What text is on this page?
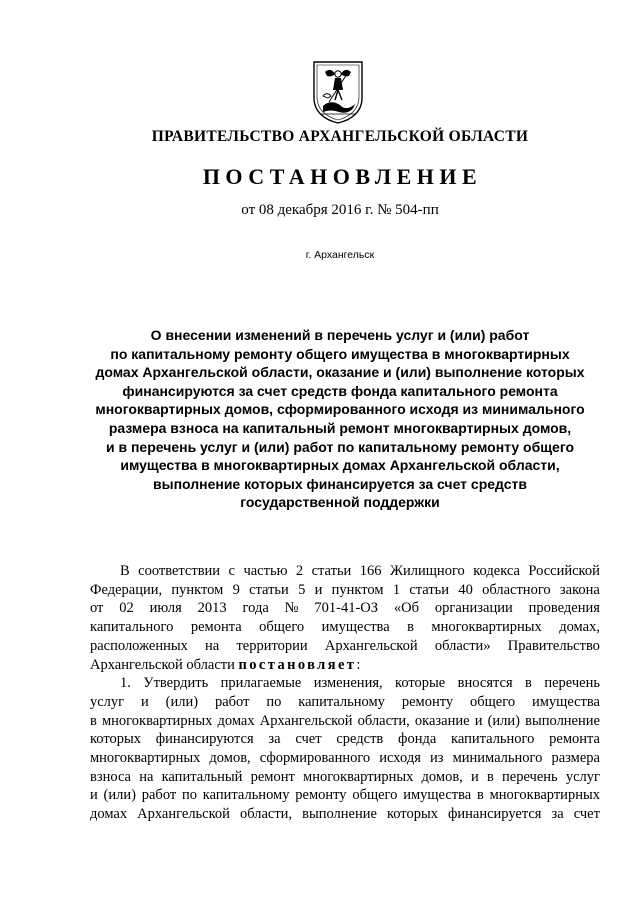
ПРАВИТЕЛЬСТВО АРХАНГЕЛЬСКОЙ ОБЛАСТИ
ПОСТАНОВЛЕНИЕ
от 08 декабря 2016 г. № 504-пп
г. Архангельск
О внесении изменений в перечень услуг и (или) работ
по капитальному ремонту общего имущества в многоквартирных
домах Архангельской области, оказание и (или) выполнение которых
финансируются за счет средств фонда капитального ремонта
многоквартирных домов, сформированного исходя из минимального
размера взноса на капитальный ремонт многоквартирных домов,
и в перечень услуг и (или) работ по капитальному ремонту общего
имущества в многоквартирных домах Архангельской области,
выполнение которых финансируется за счет средств
государственной поддержки
В соответствии с частью 2 статьи 166 Жилищного кодекса Российской
Федерации, пунктом 9 статьи 5 и пунктом 1 статьи 40 областного закона
от 02 июля 2013 года № 701-41-ОЗ «Об организации проведения
капитального ремонта общего имущества в многоквартирных домах,
расположенных на территории Архангельской области» Правительство
Архангельской области
постановляет :
1. Утвердить прилагаемые изменения, которые вносятся в перечень
услуг и (или) работ по капитальному ремонту общего имущества
в многоквартирных домах Архангельской области, оказание и (или) выполнение
которых финансируются за счет средств фонда капитального ремонта
многоквартирных домов, сформированного исходя из минимального размера
взноса на капитальный ремонт многоквартирных домов, и в перечень услуг
и (или) работ по капитальному ремонту общего имущества в многоквартирных
домах Архангельской области, выполнение которых финансируется за счет
